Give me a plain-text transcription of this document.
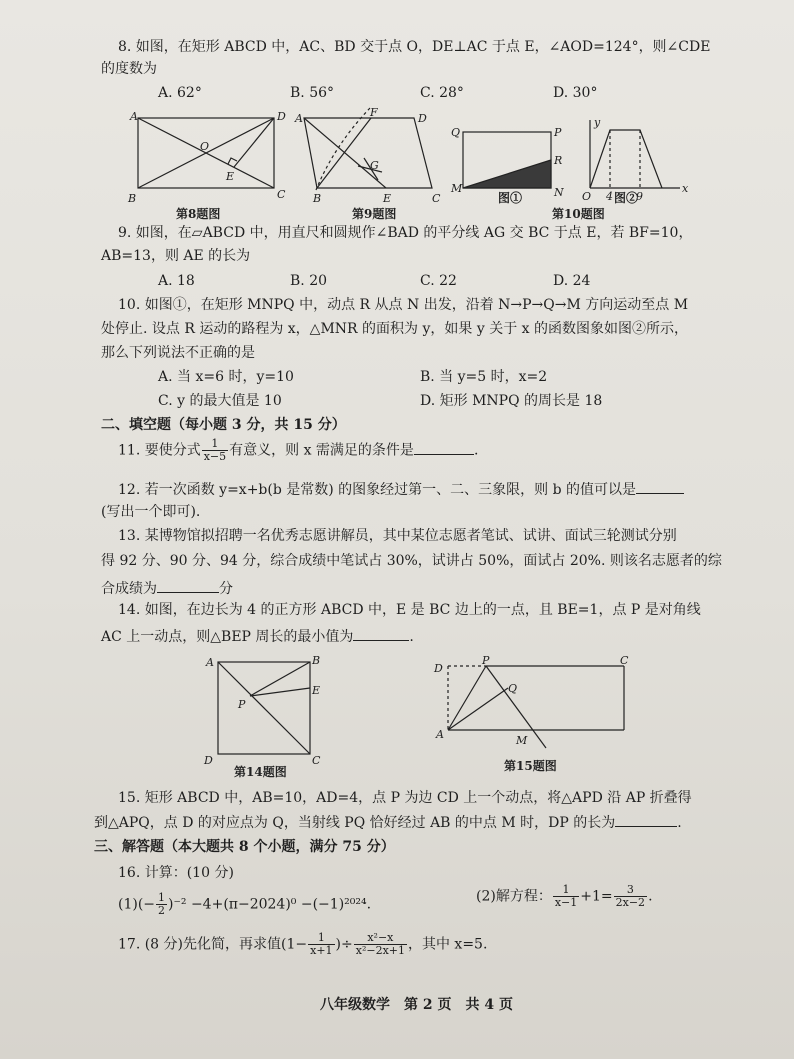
8. 如图，在矩形 ABCD 中，AC、BD 交于点 O，DE⊥AC 于点 E，∠AOD=124°，则∠CDE
的度数为
A. 62°	B. 56°	C. 28°	D. 30°
A	D
B	C
O
E
A	F	D
G
B	E	C
Q	P
R
M	N
y
x
O 4 9
第8题图	第9题图
图①	图②
第10题图
9. 如图，在▱ABCD 中，用直尺和圆规作∠BAD 的平分线 AG 交 BC 于点 E，若 BF=10，
AB=13，则 AE 的长为
A. 18	B. 20	C. 22	D. 24
10. 如图①，在矩形 MNPQ 中，动点 R 从点 N 出发，沿着 N→P→Q→M 方向运动至点 M
处停止. 设点 R 运动的路程为 x，△MNR 的面积为 y，如果 y 关于 x 的函数图象如图②所示，
那么下列说法不正确的是
A. 当 x=6 时，y=10	B. 当 y=5 时，x=2
C. y 的最大值是 10	D. 矩形 MNPQ 的周长是 18
二、填空题（每小题 3 分，共 15 分）
11. 要使分式 $\frac{1}{x-5}$ 有意义，则 x 需满足的条件是	.
12. 若一次函数 y=x+b(b 是常数) 的图象经过第一、二、三象限，则 b 的值可以是
(写出一个即可).
13. 某博物馆拟招聘一名优秀志愿讲解员，其中某位志愿者笔试、试讲、面试三轮测试分别
得 92 分、90 分、94 分，综合成绩中笔试占 30%，试讲占 50%，面试占 20%. 则该名志愿者的综
合成绩为	分
14. 如图，在边长为 4 的正方形 ABCD 中，E 是 BC 边上的一点，且 BE=1，点 P 是对角线
AC 上一动点，则△BEP 周长的最小值为	.
A	B
E
P
D	C
D
P	C
Q
A	M
第14题图	第15题图
15. 矩形 ABCD 中，AB=10，AD=4，点 P 为边 CD 上一个动点，将△APD 沿 AP 折叠得
到△APQ，点 D 的对应点为 Q，当射线 PQ 恰好经过 AB 的中点 M 时，DP 的长为	.
三、解答题（本大题共 8 个小题，满分 75 分）
16. 计算：(10 分)
$(1)(- \frac{1}{2} )^{-2} -4+(\pi-2024)^0 -(-1)^{2024}$.	(2)解方程： $\frac{1}{x-1} +1= \frac{3}{2x-2}$ .
17. (8 分)先化简，再求值($1- \frac{1}{x+1}$ )÷ $\frac{\text{x²−x}}{\text{x²−2x+1}}$ ，其中 x=5.
八年级数学　第 2 页　共 4 页
